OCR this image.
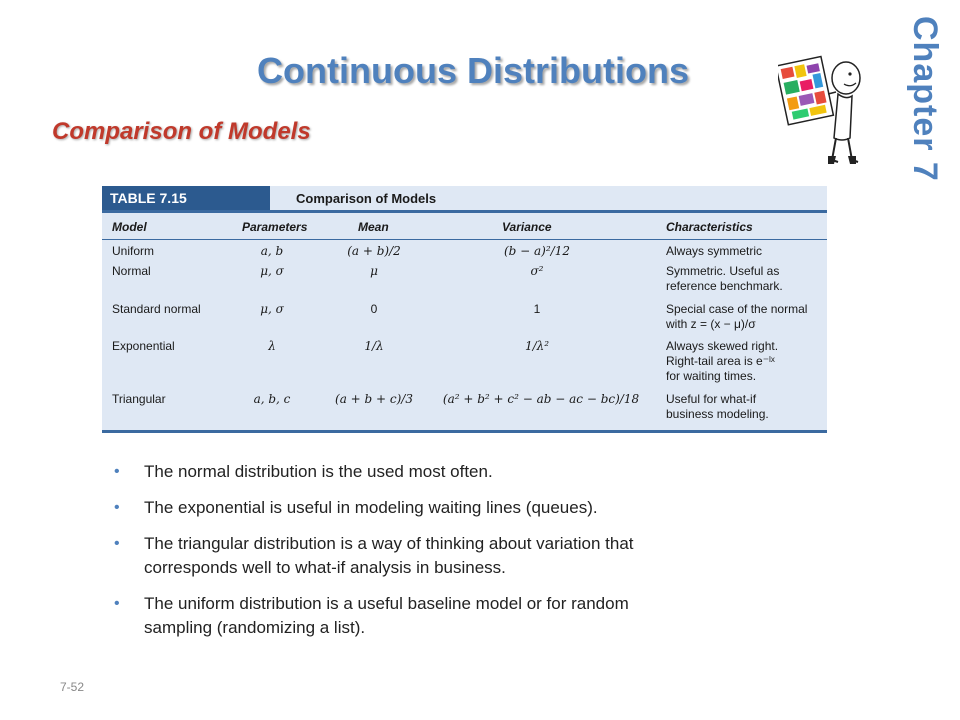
Continuous Distributions
Comparison of Models	Chapter 7
TABLE 7.15	Comparison of Models
Model	Parameters	Mean	Variance	Characteristics
Uniform	a, b	(a + b)/2	(b − a)²/12	Always symmetric
Normal	μ, σ	μ	σ²	Symmetric. Useful as
reference benchmark.
Standard normal	μ, σ	0	1	Special case of the normal
with z = (x − μ)/σ
Exponential	λ	1/λ	1/λ²	Always skewed right.
Right-tail area is e⁻ˡˣ
for waiting times.
Triangular	a, b, c	(a + b + c)/3	(a² + b² + c² − ab − ac − bc)/18	Useful for what-if
business modeling.
• The normal distribution is the used most often.
• The exponential is useful in modeling waiting lines (queues).
• The triangular distribution is a way of thinking about variation that
corresponds well to what-if analysis in business.
• The uniform distribution is a useful baseline model or for random
sampling (randomizing a list).
7-52
